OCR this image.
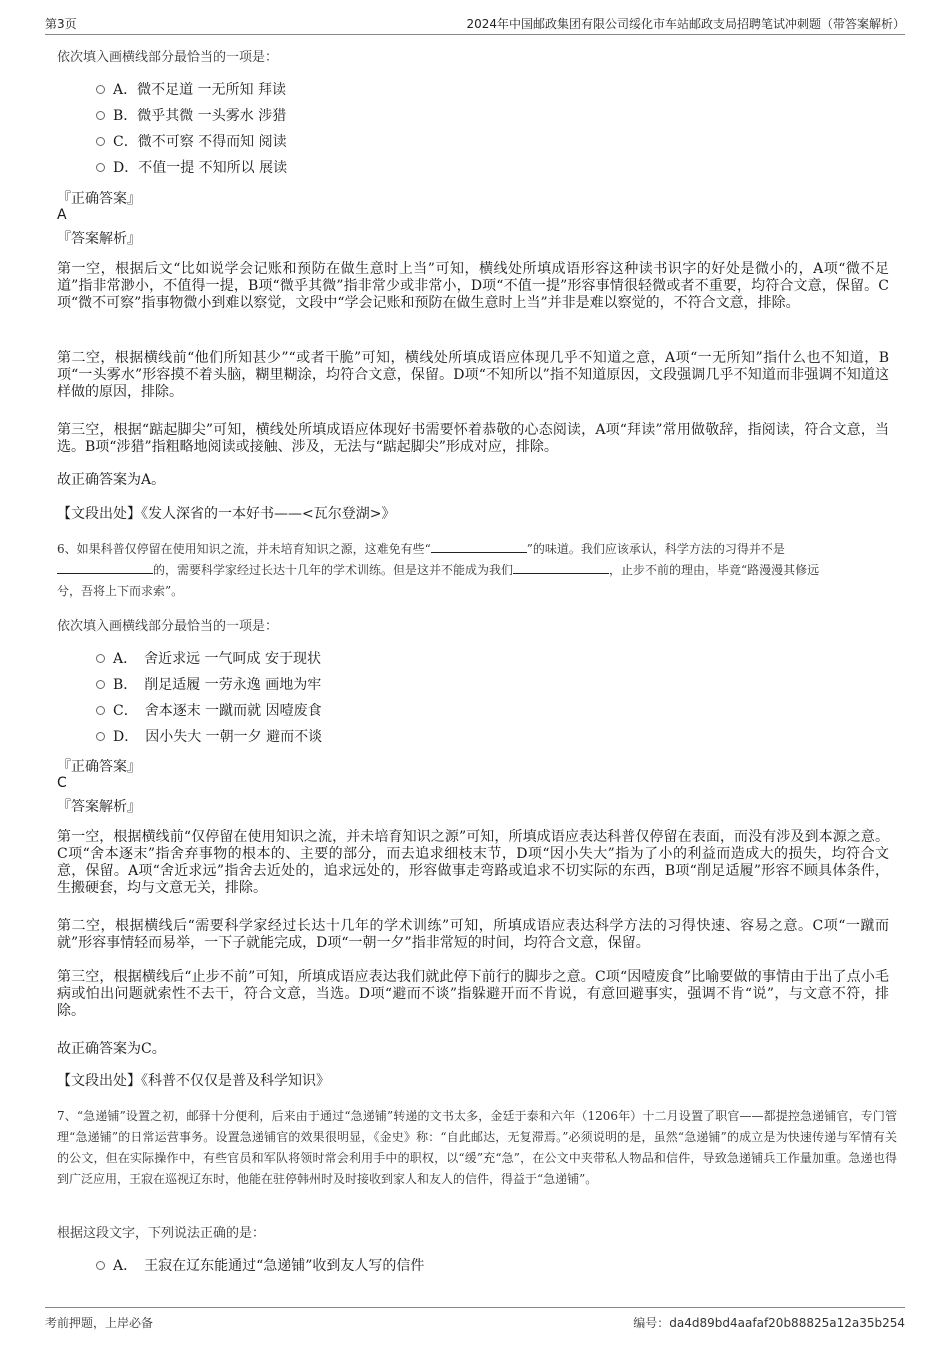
第3页	2024年中国邮政集团有限公司绥化市车站邮政支局招聘笔试冲刺题（带答案解析）
依次填入画横线部分最恰当的一项是：
A．微不足道 一无所知 拜读
B．微乎其微 一头雾水 涉猎
C．微不可察 不得而知 阅读
D．不值一提 不知所以 展读
『正确答案』
A
『答案解析』
第一空，根据后文“比如说学会记账和预防在做生意时上当”可知，横线处所填成语形容这种读书识字的好处是微小的，A项“微不足道”指非常渺小，不值得一提，B项“微乎其微”指非常少或非常小，D项“不值一提”形容事情很轻微或者不重要，均符合文意，保留。C项“微不可察”指事物微小到难以察觉，文段中“学会记账和预防在做生意时上当”并非是难以察觉的，不符合文意，排除。
第二空，根据横线前“他们所知甚少”“或者干脆”可知，横线处所填成语应体现几乎不知道之意，A项“一无所知”指什么也不知道，B项“一头雾水”形容摸不着头脑，糊里糊涂，均符合文意，保留。D项“不知所以”指不知道原因，文段强调几乎不知道而非强调不知道这样做的原因，排除。
第三空，根据“踮起脚尖”可知，横线处所填成语应体现好书需要怀着恭敬的心态阅读，A项“拜读”常用做敬辞，指阅读，符合文意，当选。B项“涉猎”指粗略地阅读或接触、涉及，无法与“踮起脚尖”形成对应，排除。
故正确答案为A。
【文段出处】《发人深省的一本好书——<瓦尔登湖>》
6、如果科普仅停留在使用知识之流，并未培育知识之源，这难免有些“	”的味道。我们应该承认，科学方法的习得并不是
的，需要科学家经过长达十几年的学术训练。但是这并不能成为我们	，止步不前的理由，毕竟“路漫漫其修远
兮，吾将上下而求索”。
依次填入画横线部分最恰当的一项是：
A．　舍近求远 一气呵成 安于现状
B．　削足适履 一劳永逸 画地为牢
C．　舍本逐末 一蹴而就 因噎废食
D．　因小失大 一朝一夕 避而不谈
『正确答案』
C
『答案解析』
第一空，根据横线前“仅停留在使用知识之流，并未培育知识之源”可知，所填成语应表达科普仅停留在表面，而没有涉及到本源之意。C项“舍本逐末”指舍弃事物的根本的、主要的部分，而去追求细枝末节，D项“因小失大”指为了小的利益而造成大的损失，均符合文意，保留。A项“舍近求远”指舍去近处的，追求远处的，形容做事走弯路或追求不切实际的东西，B项“削足适履”形容不顾具体条件，生搬硬套，均与文意无关，排除。
第二空，根据横线后“需要科学家经过长达十几年的学术训练”可知，所填成语应表达科学方法的习得快速、容易之意。C项“一蹴而就”形容事情轻而易举，一下子就能完成，D项“一朝一夕”指非常短的时间，均符合文意，保留。
第三空，根据横线后“止步不前”可知，所填成语应表达我们就此停下前行的脚步之意。C项“因噎废食”比喻要做的事情由于出了点小毛病或怕出问题就索性不去干，符合文意，当选。D项“避而不谈”指躲避开而不肯说，有意回避事实，强调不肯“说”，与文意不符，排除。
故正确答案为C。
【文段出处】《科普不仅仅是普及科学知识》
7、“急递铺”设置之初，邮驿十分便利，后来由于通过“急递铺”转递的文书太多，金廷于泰和六年（1206年）十二月设置了职官——都提控急递铺官，专门管理“急递铺”的日常运营事务。设置急递铺官的效果很明显，《金史》称：“自此邮达，无复滞焉。”必须说明的是，虽然“急递铺”的成立是为快速传递与军情有关的公文，但在实际操作中，有些官员和军队将领时常会利用手中的职权，以“缓”充“急”，在公文中夹带私人物品和信件，导致急递铺兵工作量加重。急递也得到广泛应用，王寂在巡视辽东时，他能在驻停韩州时及时接收到家人和友人的信件，得益于“急递铺”。
根据这段文字，下列说法正确的是：
A．　王寂在辽东能通过“急递铺”收到友人写的信件
考前押题，上岸必备	编号：da4d89bd4aafaf20b88825a12a35b254
